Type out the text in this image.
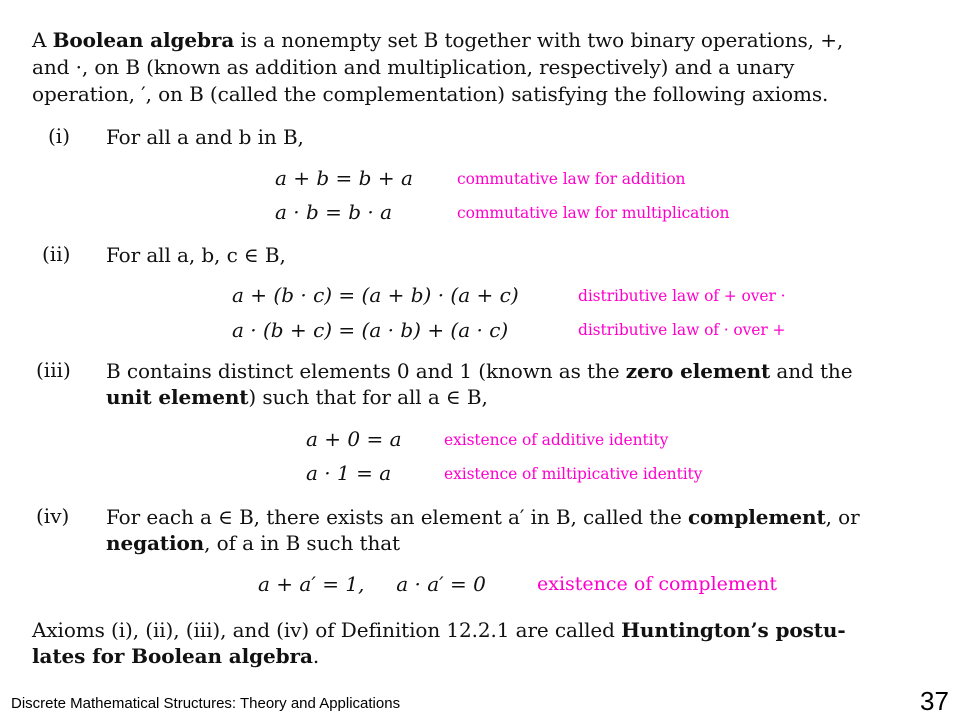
A Boolean algebra is a nonempty set B together with two binary operations, +,
and ·, on B (known as addition and multiplication, respectively) and a unary
operation, ′, on B (called the complementation) satisfying the following axioms.
(i) For all a and b in B,
a + b = b + a	commutative law for addition
a · b = b · a	commutative law for multiplication
(ii) For all a, b, c ∈ B,
a + (b · c) = (a + b) · (a + c)	distributive law of + over ·
a · (b + c) = (a · b) + (a · c)	distributive law of · over +
(iii) B contains distinct elements 0 and 1 (known as the zero element and the
unit element) such that for all a ∈ B,
a + 0 = a	existence of additive identity
a · 1 = a	existence of miltipicative identity
(iv) For each a ∈ B, there exists an element a′ in B, called the complement, or
negation, of a in B such that
a + a′ = 1,     a · a′ = 0	existence of complement
Axioms (i), (ii), (iii), and (iv) of Definition 12.2.1 are called Huntington’s postu-
lates for Boolean algebra.
Discrete Mathematical Structures: Theory and Applications	37
